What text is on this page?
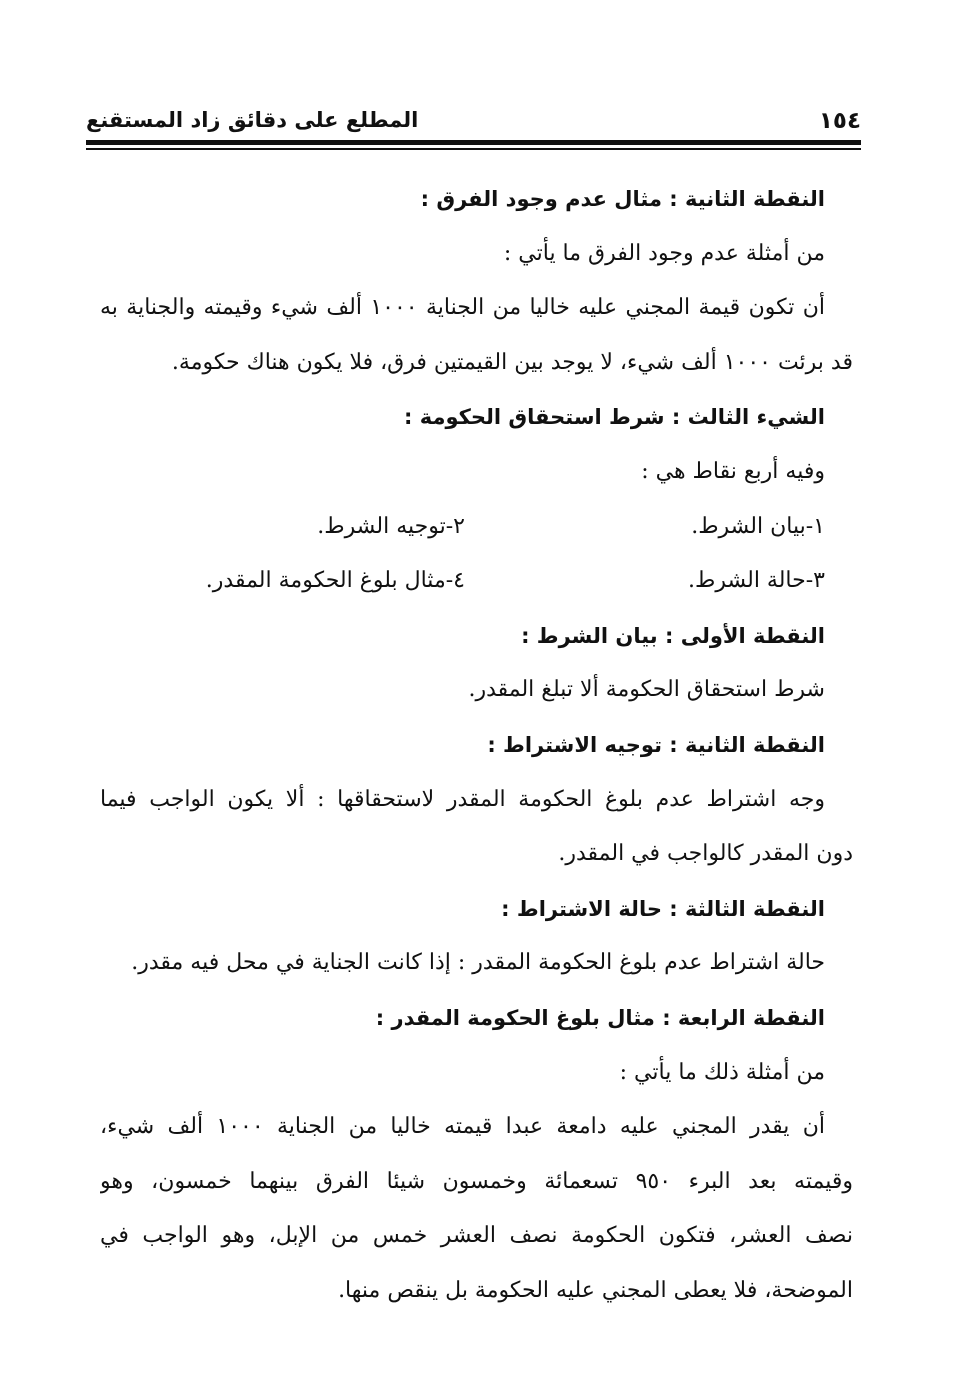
١٥٤
المطلع على دقائق زاد المستقنع
النقطة الثانية : مثال عدم وجود الفرق :
من أمثلة عدم وجود الفرق ما يأتي :
أن تكون قيمة المجني عليه خاليا من الجناية ١٠٠٠ ألف شيء وقيمته والجناية به
قد برئت ١٠٠٠ ألف شيء، لا يوجد بين القيمتين فرق، فلا يكون هناك حكومة.
الشيء الثالث : شرط استحقاق الحكومة :
وفيه أربع نقاط هي :
١-بيان الشرط.
٢-توجيه الشرط.
٣-حالة الشرط.
٤-مثال بلوغ الحكومة المقدر.
النقطة الأولى : بيان الشرط :
شرط استحقاق الحكومة ألا تبلغ المقدر.
النقطة الثانية : توجيه الاشتراط :
وجه اشتراط عدم بلوغ الحكومة المقدر لاستحقاقها : ألا يكون الواجب فيما
دون المقدر كالواجب في المقدر.
النقطة الثالثة : حالة الاشتراط :
حالة اشتراط عدم بلوغ الحكومة المقدر : إذا كانت الجناية في محل فيه مقدر.
النقطة الرابعة : مثال بلوغ الحكومة المقدر :
من أمثلة ذلك ما يأتي :
أن يقدر المجني عليه دامعة عبدا قيمته خاليا من الجناية ١٠٠٠ ألف شيء،
وقيمته بعد البرء ٩٥٠ تسعمائة وخمسون شيئا الفرق بينهما خمسون، وهو
نصف العشر، فتكون الحكومة نصف العشر خمس من الإبل، وهو الواجب في
الموضحة، فلا يعطى المجني عليه الحكومة بل ينقص منها.
